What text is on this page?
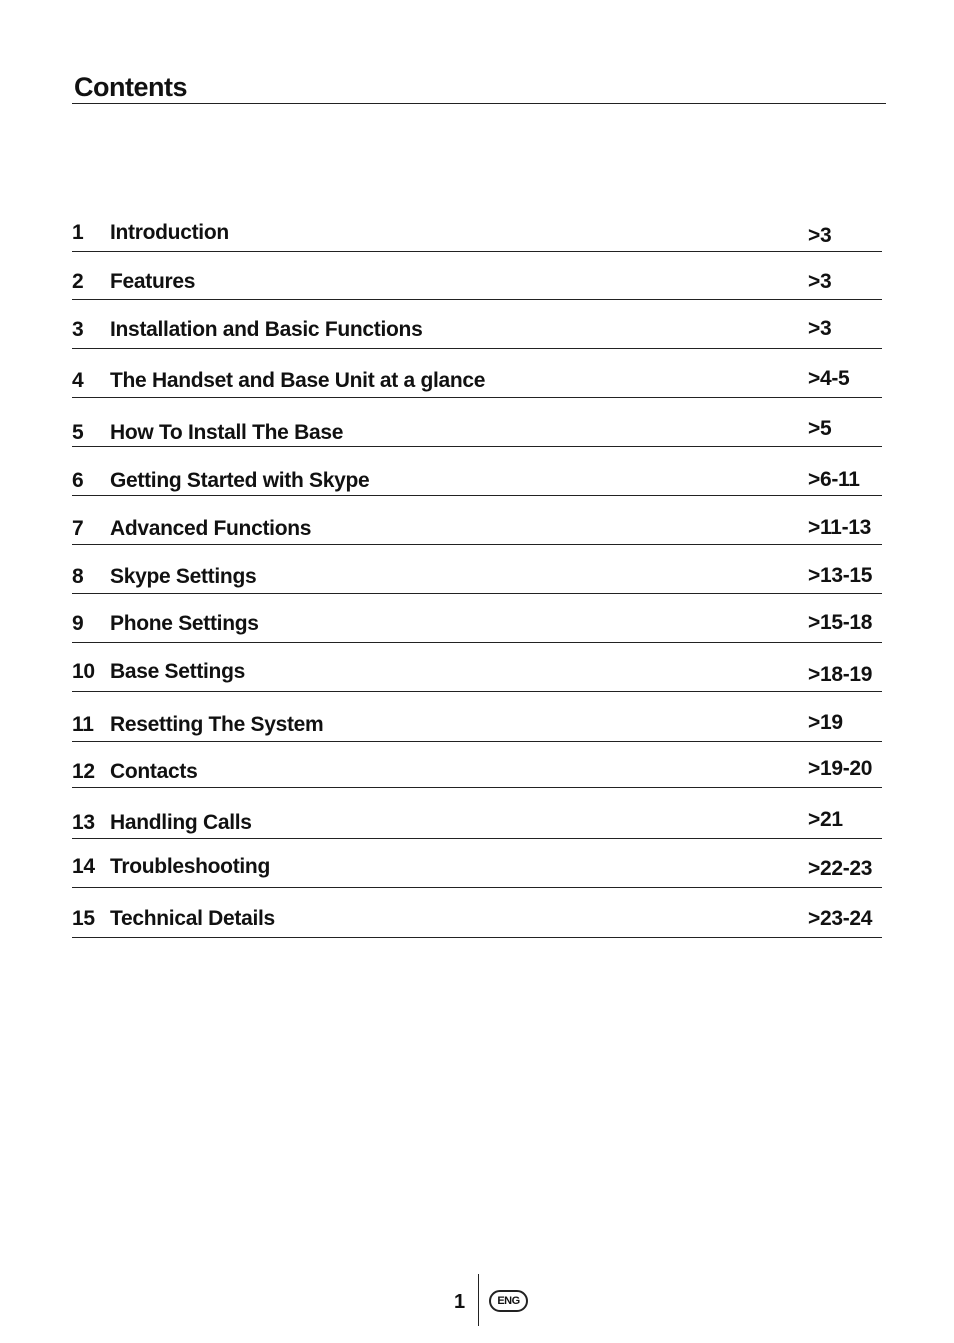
Contents
1 Introduction	>3
2 Features	>3
3 Installation and Basic Functions	>3
4 The Handset and Base Unit at a glance	>4-5
5 How To Install The Base	>5
6 Getting Started with Skype	>6-11
7 Advanced Functions	>11-13
8 Skype Settings	>13-15
9 Phone Settings	>15-18
10 Base Settings	>18-19
11 Resetting The System	>19
12 Contacts	>19-20
13 Handling Calls	>21
14 Troubleshooting	>22-23
15 Technical Details	>23-24
1	ENG
